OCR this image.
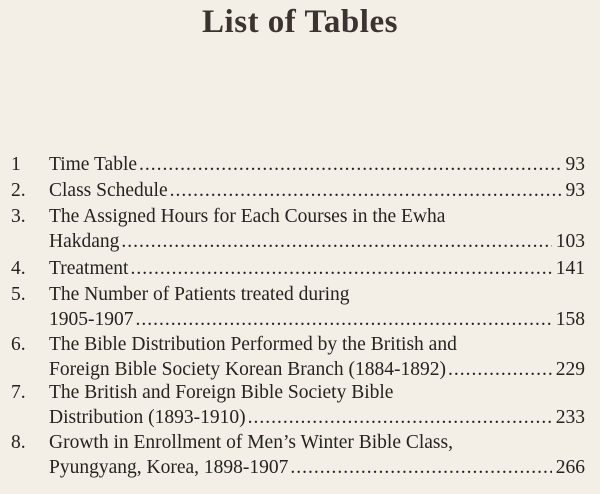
List of Tables
1 Time Table .....	93
2. Class Schedule .....	93
3. The Assigned Hours for Each Courses in the Ewha
Hakdang .....	103
4. Treatment .....	141
5. The Number of Patients treated during
1905-1907 .....	158
6. The Bible Distribution Performed by the British and
Foreign Bible Society Korean Branch (1884-1892) .....	229
7. The British and Foreign Bible Society Bible
Distribution (1893-1910) .....	233
8. Growth in Enrollment of Men’s Winter Bible Class,
Pyungyang, Korea, 1898-1907 .....	266
